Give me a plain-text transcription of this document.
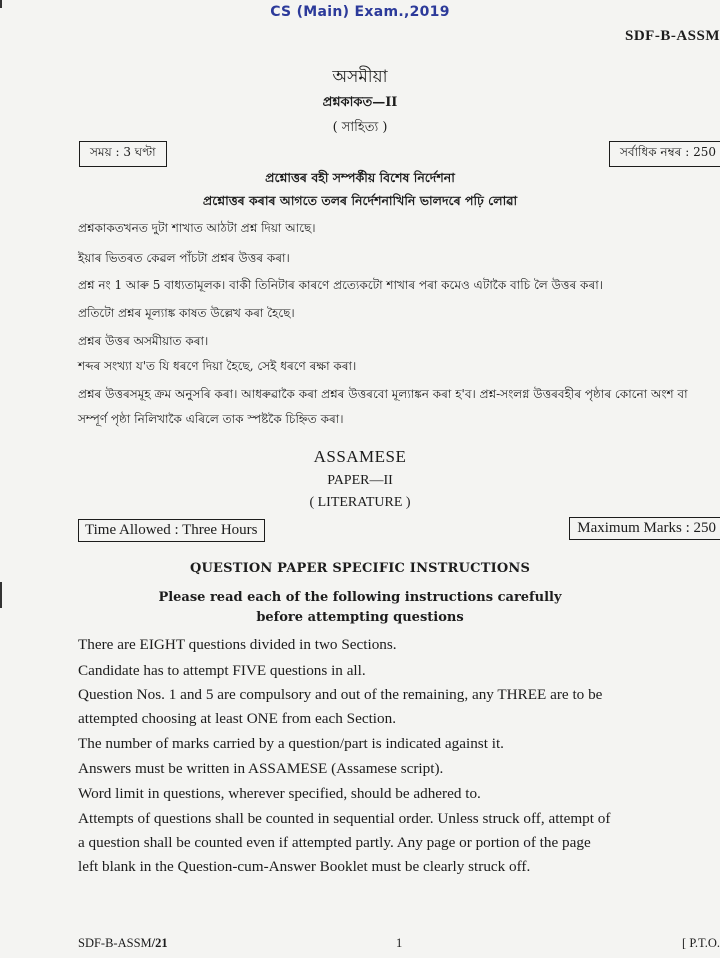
CS (Main) Exam.,2019
SDF-B-ASSM
অসমীয়া
প্ৰশ্নকাকত—II
( সাহিত্য )
সময় : 3 ঘণ্টা	সৰ্বাধিক নম্বৰ : 250
প্ৰশ্নোত্তৰ বহী সম্পৰ্কীয় বিশেষ নিৰ্দেশনা
প্ৰশ্নোত্তৰ কৰাৰ আগতে তলৰ নিৰ্দেশনাখিনি ভালদৰে পঢ়ি লোৱা
প্ৰশ্নকাকতখনত দুটা শাখাত আঠটা প্ৰশ্ন দিয়া আছে।
ইয়াৰ ভিতৰত কেৱল পাঁচটা প্ৰশ্নৰ উত্তৰ কৰা।
প্ৰশ্ন নং 1 আৰু 5 বাধ্যতামূলক। বাকী তিনিটাৰ কাৰণে প্ৰত্যেকটো শাখাৰ পৰা কমেও এটাকৈ বাচি লৈ উত্তৰ কৰা।
প্ৰতিটো প্ৰশ্নৰ মূল্যাঙ্ক কাষত উল্লেখ কৰা হৈছে।
প্ৰশ্নৰ উত্তৰ অসমীয়াত কৰা।
শব্দৰ সংখ্যা য'ত যি ধৰণে দিয়া হৈছে, সেই ধৰণে ৰক্ষা কৰা।
প্ৰশ্নৰ উত্তৰসমূহ ক্ৰম অনুসৰি কৰা। আধৰুৱাকৈ কৰা প্ৰশ্নৰ উত্তৰবো মূল্যাঙ্কন কৰা হ'ব। প্ৰশ্ন-সংলগ্ন উত্তৰবহীৰ পৃষ্ঠাৰ কোনো অংশ বা
সম্পূৰ্ণ পৃষ্ঠা নিলিখাকৈ এৰিলে তাক স্পষ্টকৈ চিহ্নিত কৰা।
ASSAMESE
PAPER—II
( LITERATURE )
Time Allowed : Three Hours	Maximum Marks : 250
QUESTION PAPER SPECIFIC INSTRUCTIONS
Please read each of the following instructions carefully
before attempting questions
There are EIGHT questions divided in two Sections.
Candidate has to attempt FIVE questions in all.
Question Nos. 1 and 5 are compulsory and out of the remaining, any THREE are to be
attempted choosing at least ONE from each Section.
The number of marks carried by a question/part is indicated against it.
Answers must be written in ASSAMESE (Assamese script).
Word limit in questions, wherever specified, should be adhered to.
Attempts of questions shall be counted in sequential order. Unless struck off, attempt of
a question shall be counted even if attempted partly. Any page or portion of the page
left blank in the Question-cum-Answer Booklet must be clearly struck off.
SDF-B-ASSM/21	1	[ P.T.O.
